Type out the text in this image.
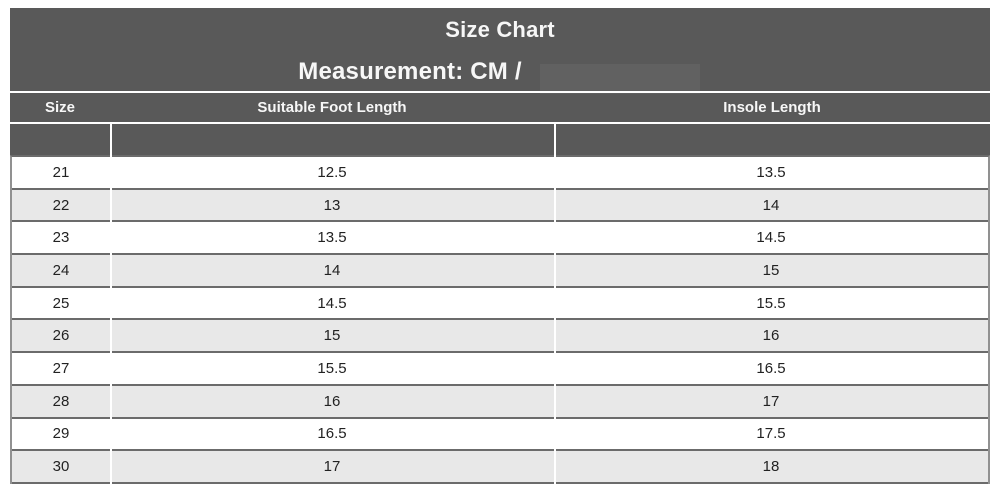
Size Chart
Measurement: CM /
Size	Suitable Foot Length	Insole Length
21	12.5	13.5
22	13	14
23	13.5	14.5
24	14	15
25	14.5	15.5
26	15	16
27	15.5	16.5
28	16	17
29	16.5	17.5
30	17	18
